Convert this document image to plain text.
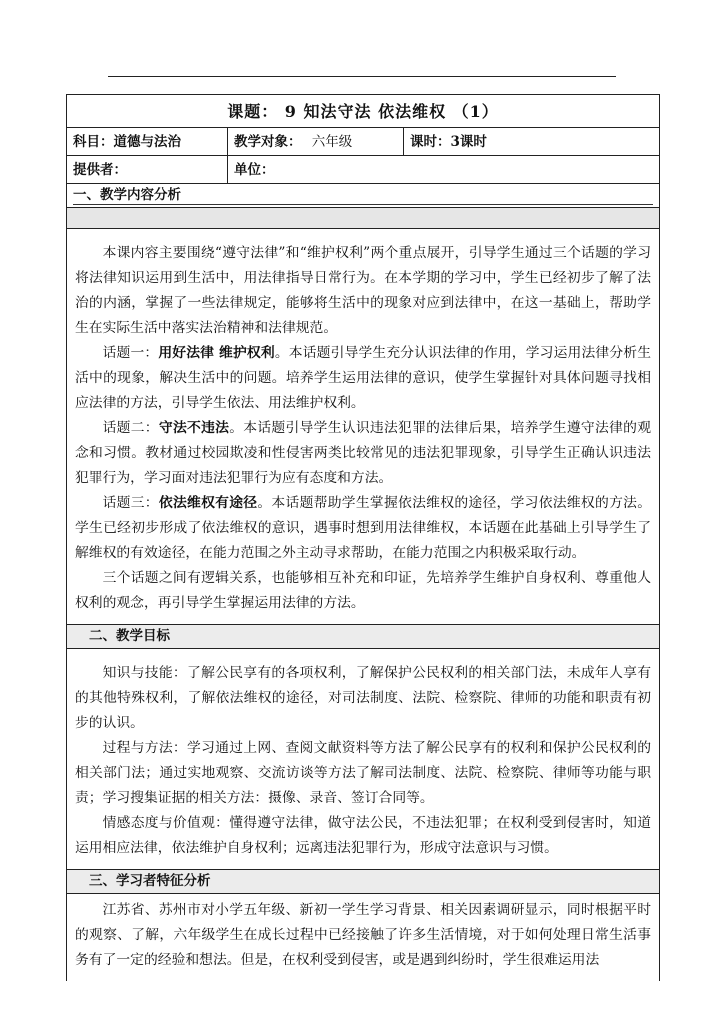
课题： 9 知法守法 依法维权 （1）
科目：道德与法治	教学对象： 六年级	课时：3课时
提供者：	单位：
一、教学内容分析

本课内容主要围绕“遵守法律”和“维护权利”两个重点展开，引导学生通过三个话题的学习将法律知识运用到生活中，用法律指导日常行为。在本学期的学习中，学生已经初步了解了法治的内涵，掌握了一些法律规定，能够将生活中的现象对应到法律中，在这一基础上，帮助学生在实际生活中落实法治精神和法律规范。

话题一：用好法律 维护权利。本话题引导学生充分认识法律的作用，学习运用法律分析生活中的现象，解决生活中的问题。培养学生运用法律的意识，使学生掌握针对具体问题寻找相应法律的方法，引导学生依法、用法维护权利。

话题二：守法不违法。本话题引导学生认识违法犯罪的法律后果，培养学生遵守法律的观念和习惯。教材通过校园欺凌和性侵害两类比较常见的违法犯罪现象，引导学生正确认识违法犯罪行为，学习面对违法犯罪行为应有态度和方法。

话题三：依法维权有途径。本话题帮助学生掌握依法维权的途径，学习依法维权的方法。学生已经初步形成了依法维权的意识，遇事时想到用法律维权，本话题在此基础上引导学生了解维权的有效途径，在能力范围之外主动寻求帮助，在能力范围之内积极采取行动。

三个话题之间有逻辑关系，也能够相互补充和印证，先培养学生维护自身权利、尊重他人权利的观念，再引导学生掌握运用法律的方法。

二、教学目标

知识与技能：了解公民享有的各项权利，了解保护公民权利的相关部门法，未成年人享有的其他特殊权利，了解依法维权的途径，对司法制度、法院、检察院、律师的功能和职责有初步的认识。

过程与方法：学习通过上网、查阅文献资料等方法了解公民享有的权利和保护公民权利的相关部门法；通过实地观察、交流访谈等方法了解司法制度、法院、检察院、律师等功能与职责；学习搜集证据的相关方法：摄像、录音、签订合同等。

情感态度与价值观：懂得遵守法律，做守法公民，不违法犯罪；在权利受到侵害时，知道运用相应法律，依法维护自身权利；远离违法犯罪行为，形成守法意识与习惯。

三、学习者特征分析

江苏省、苏州市对小学五年级、新初一学生学习背景、相关因素调研显示，同时根据平时的观察、了解，六年级学生在成长过程中已经接触了许多生活情境，对于如何处理日常生活事务有了一定的经验和想法。但是，在权利受到侵害，或是遇到纠纷时，学生很难运用法
